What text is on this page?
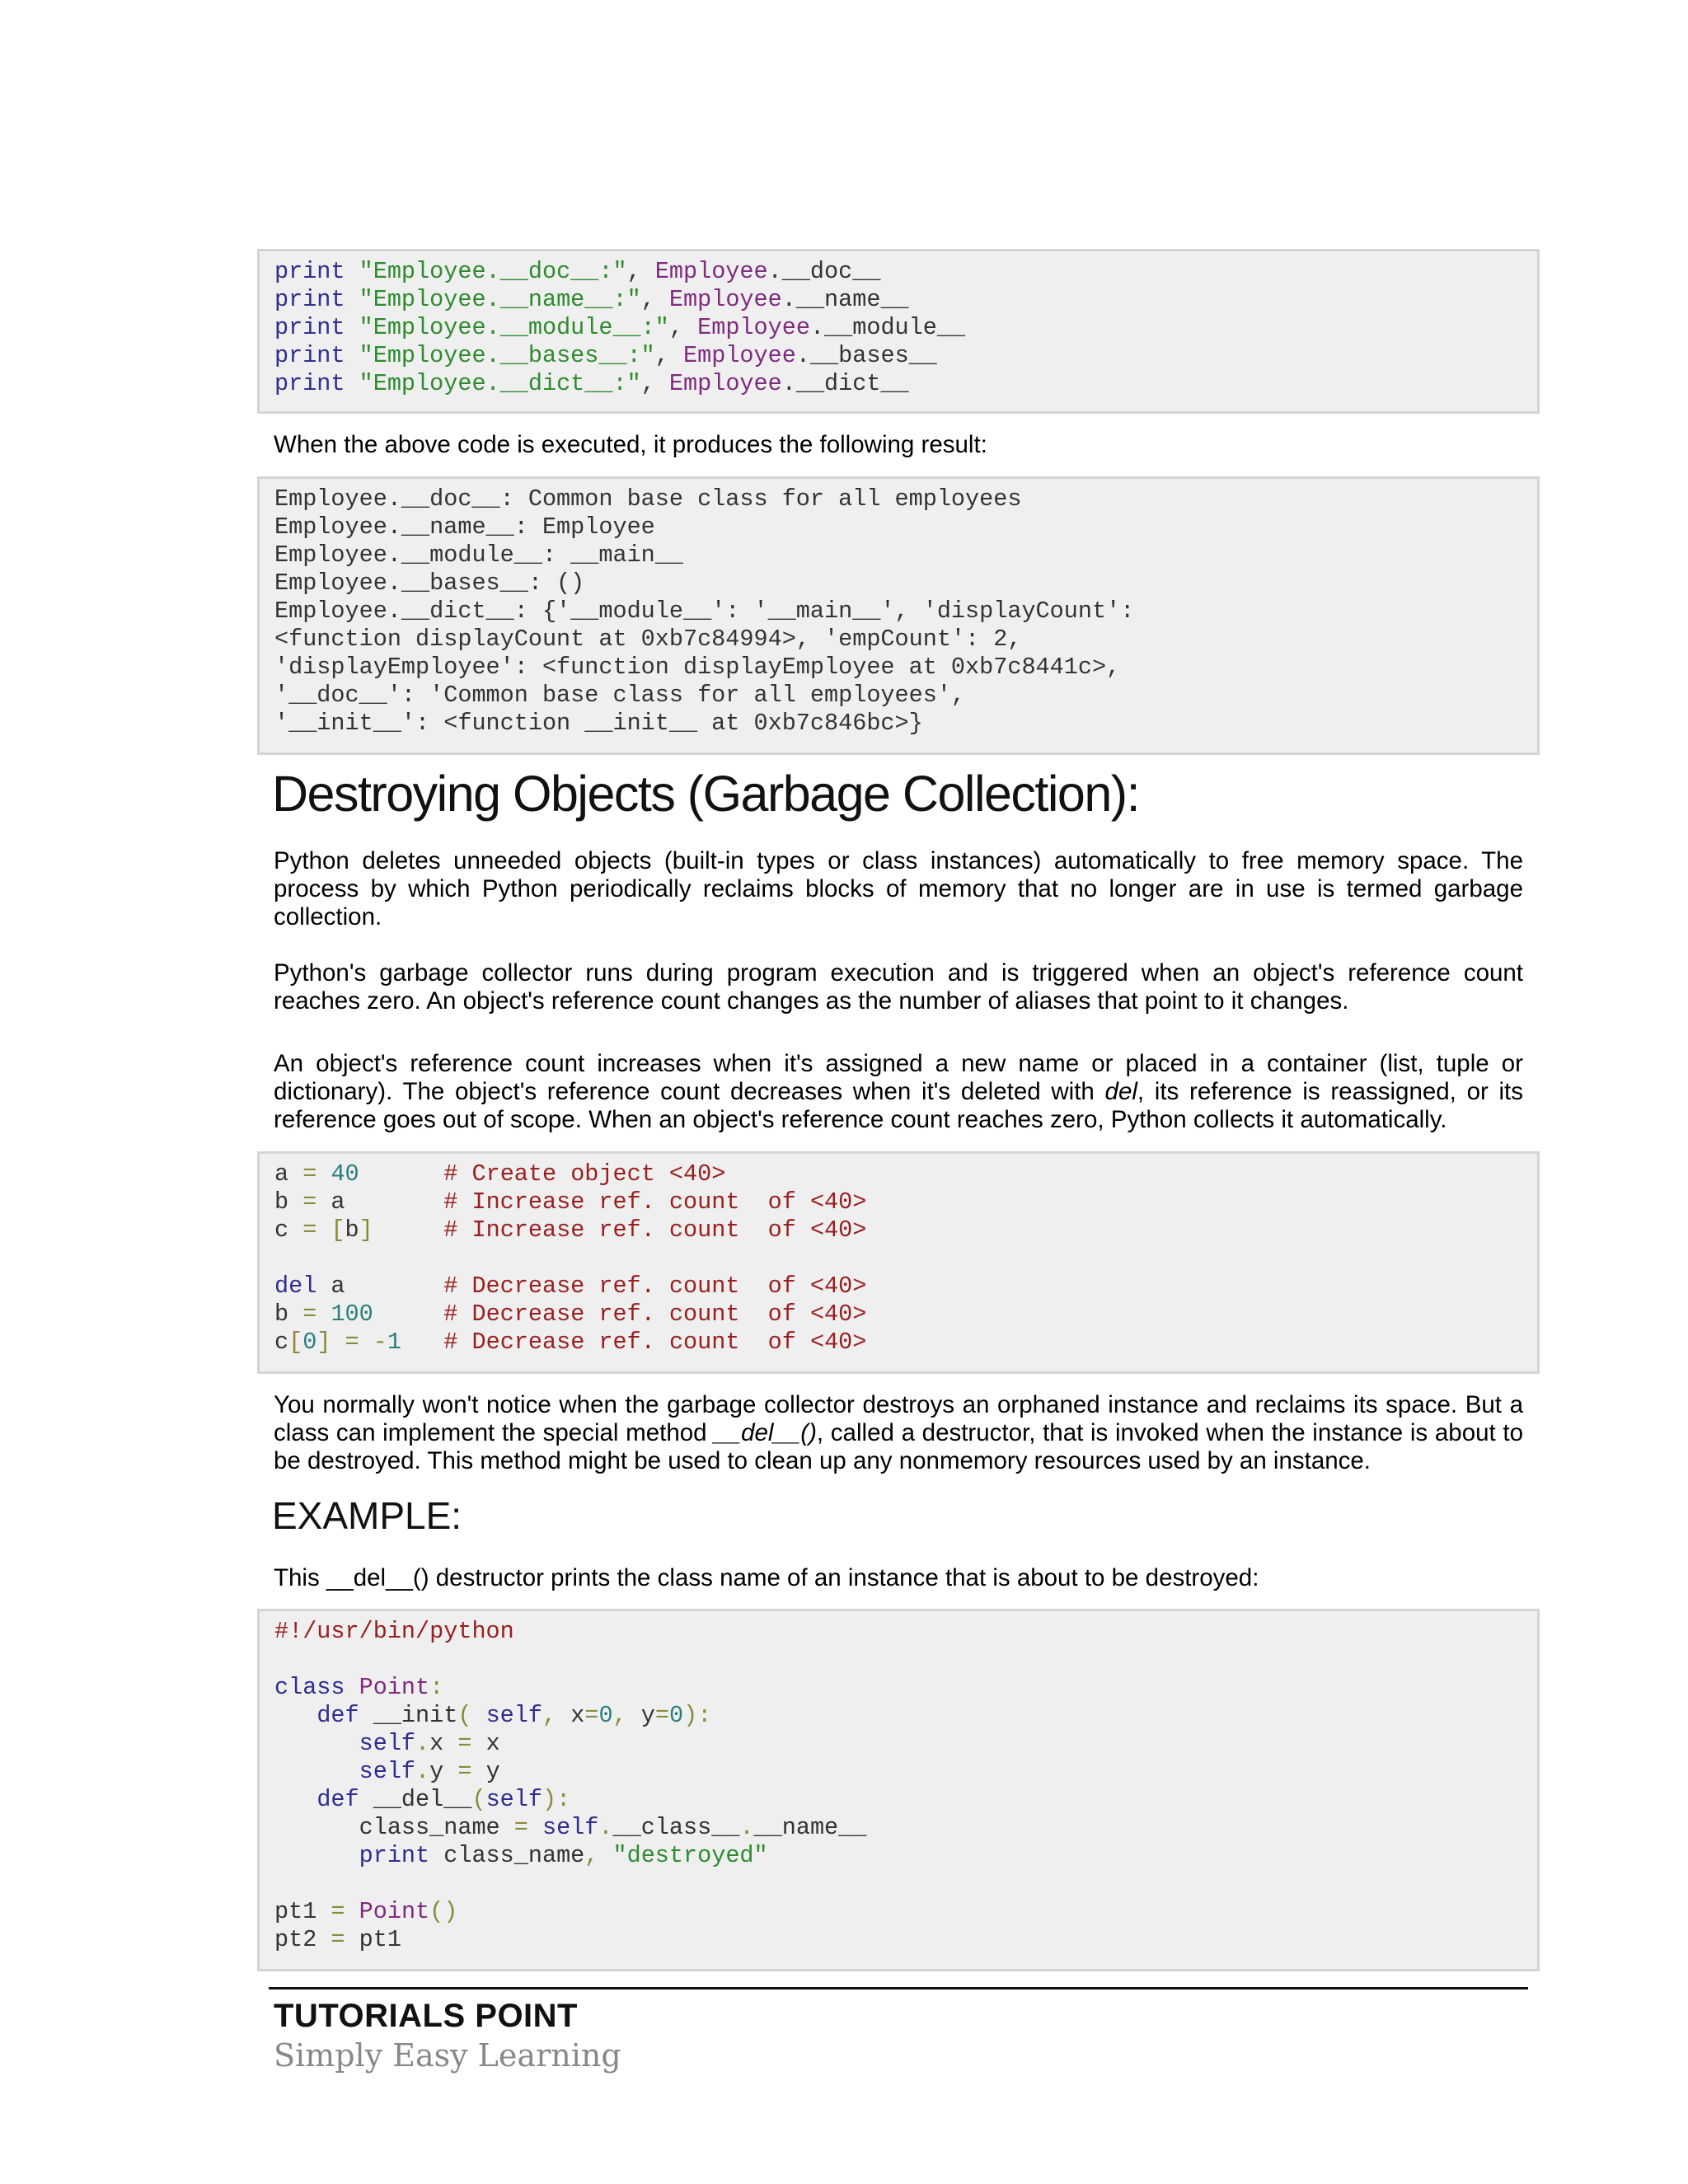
print "Employee.__doc__:", Employee.__doc__
print "Employee.__name__:", Employee.__name__
print "Employee.__module__:", Employee.__module__
print "Employee.__bases__:", Employee.__bases__
print "Employee.__dict__:", Employee.__dict__
When the above code is executed, it produces the following result:
Employee.__doc__: Common base class for all employees
Employee.__name__: Employee
Employee.__module__: __main__
Employee.__bases__: ()
Employee.__dict__: {'__module__': '__main__', 'displayCount':
<function displayCount at 0xb7c84994>, 'empCount': 2,
'displayEmployee': <function displayEmployee at 0xb7c8441c>,
'__doc__': 'Common base class for all employees',
'__init__': <function __init__ at 0xb7c846bc>}
Destroying Objects (Garbage Collection):
Python deletes unneeded objects (built-in types or class instances) automatically to free memory space. The process by which Python periodically reclaims blocks of memory that no longer are in use is termed garbage collection.
Python's garbage collector runs during program execution and is triggered when an object's reference count reaches zero. An object's reference count changes as the number of aliases that point to it changes.
An object's reference count increases when it's assigned a new name or placed in a container (list, tuple or dictionary). The object's reference count decreases when it's deleted with del, its reference is reassigned, or its reference goes out of scope. When an object's reference count reaches zero, Python collects it automatically.
a = 40	# Create object <40>
b = a       # Increase ref. count  of <40>
c = [b]	# Increase ref. count  of <40>
del a       # Decrease ref. count  of <40>
b = 100	# Decrease ref. count  of <40>
c[0] = -1 # Decrease ref. count  of <40>
You normally won't notice when the garbage collector destroys an orphaned instance and reclaims its space. But a class can implement the special method __del__(), called a destructor, that is invoked when the instance is about to be destroyed. This method might be used to clean up any nonmemory resources used by an instance.
EXAMPLE:
This __del__() destructor prints the class name of an instance that is about to be destroyed:
#!/usr/bin/python
class Point:
def __init( self, x=0, y=0):
self.x = x
self.y = y
def __del__(self):
class_name = self.__class__.__name__
print class_name, "destroyed"
pt1 = Point()
pt2 = pt1
TUTORIALS POINT
Simply Easy Learning
